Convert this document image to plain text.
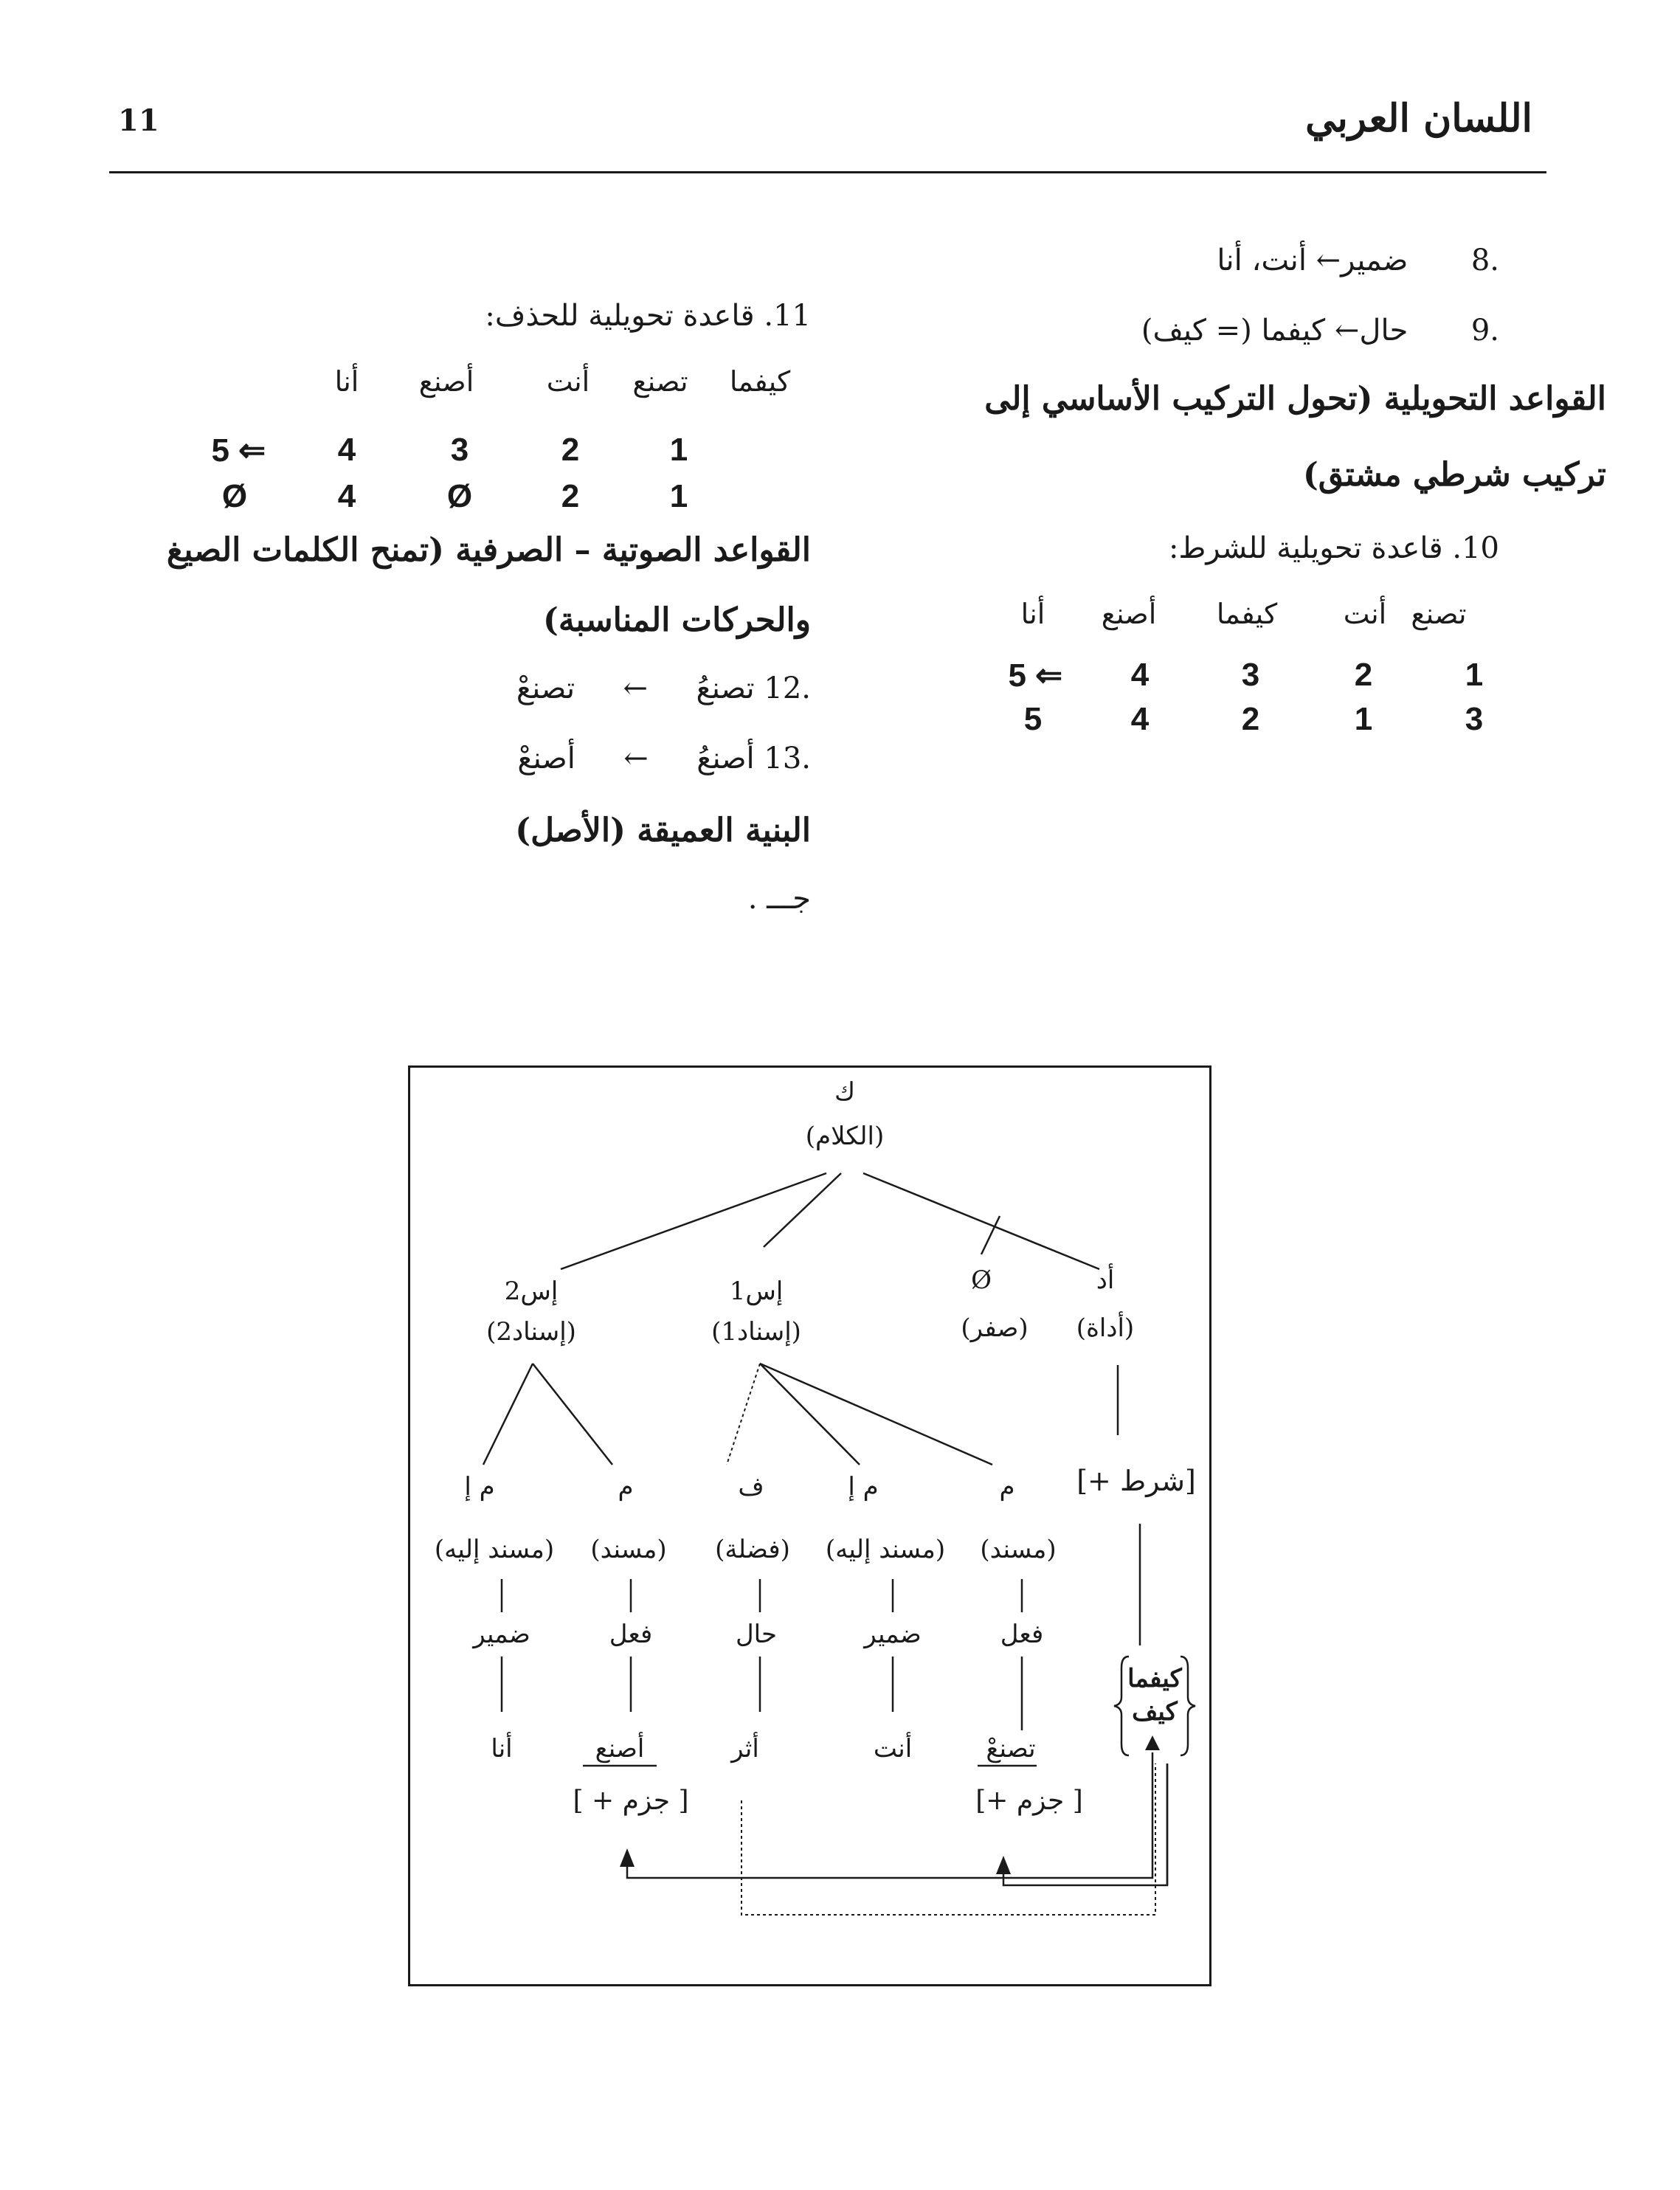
11	اللسان العربي
.8  ضمير← أنت، أنا
.9  حال← كيفما (= كيف)
القواعد التحويلية (تحول التركيب الأساسي إلى
تركيب شرطي مشتق)
10. قاعدة تحويلية للشرط:
تصنع
أنت
كيفما
أصنع
أنا
1
2
3
4
5 ⇐
3
1
2
4
5
11. قاعدة تحويلية للحذف:
كيفما
تصنع
أنت
أصنع
أنا
1
2
3
4
5 ⇐
1
2
Ø
4
Ø
القواعد الصوتية – الصرفية (تمنح الكلمات الصيغ
والحركات المناسبة)
.12 تصنعُ  ←  تصنعْ
.13 أصنعُ  ←  أصنعْ
البنية العميقة (الأصل)
جـــ .
ك
(الكلام)
أد
(أداة)
Ø
(صفر)
إس1
(إسناد1)
إس2
(إسناد2)
[+ شرط]
م
(مسند)
فعل
تصنعْ
[+ جزم ]
م إ
(مسند إليه)
ضمير
أنت
ف
(فضلة)
حال
أثر
م
(مسند)
فعل
أصنع
[ + جزم ]
م إ
(مسند إليه)
ضمير
أنا
كيفما
كيف
